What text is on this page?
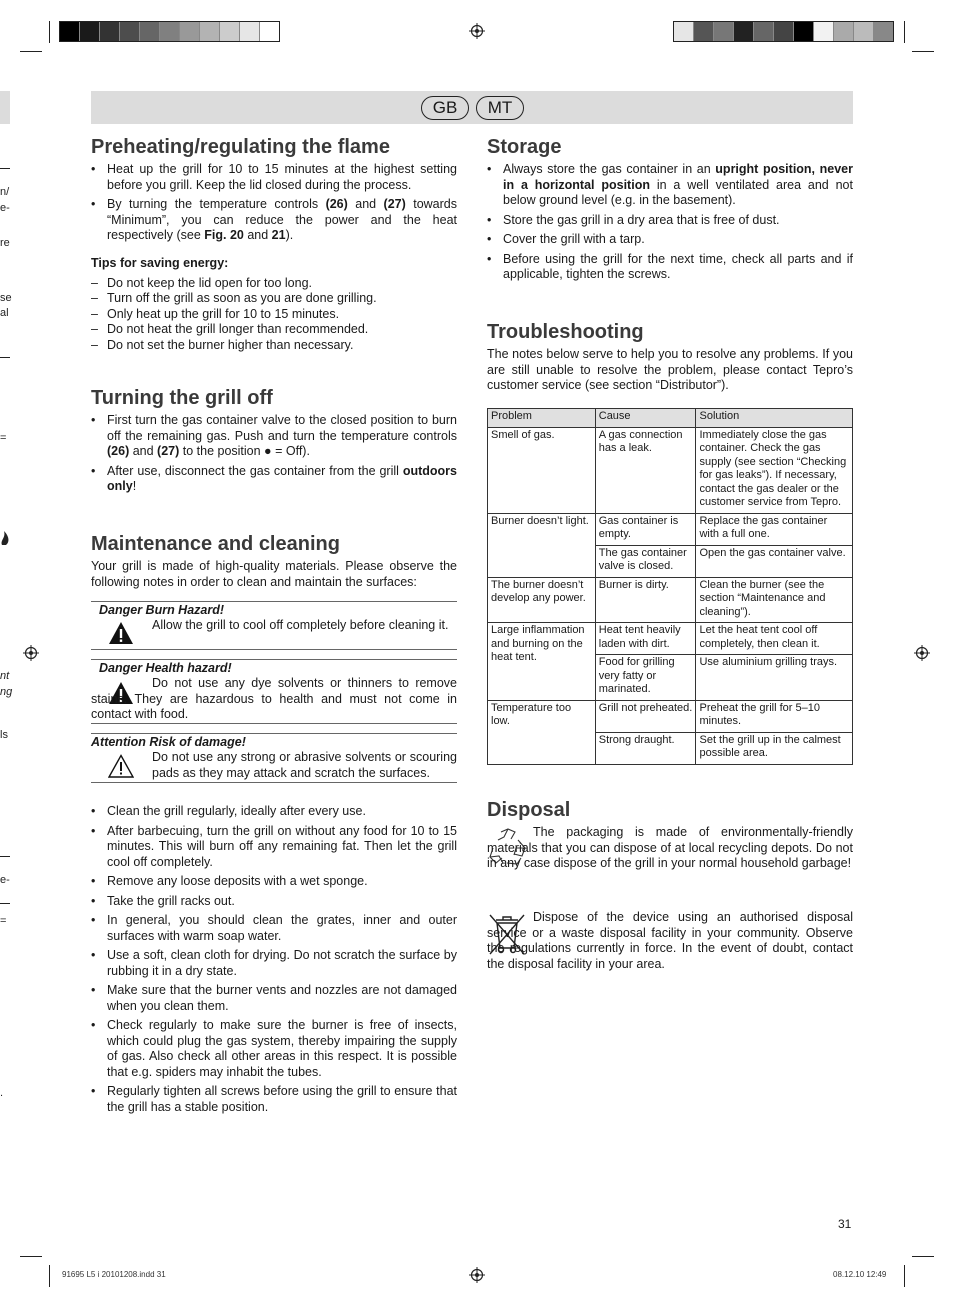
n/
e-
re
se
al
=
nt
ng
ls
e-
=
.
GB	MT
Preheating/regulating the flame
• Heat up the grill for 10 to 15 minutes at the highest setting before you grill. Keep the lid closed during the process.
• By turning the temperature controls (26) and (27) towards “Minimum”, you can reduce the power and the heat respectively (see Fig. 20 and 21).
Tips for saving energy:
– Do not keep the lid open for too long.
– Turn off the grill as soon as you are done grilling.
– Only heat up the grill for 10 to 15 minutes.
– Do not heat the grill longer than recommended.
– Do not set the burner higher than necessary.
Turning the grill off
• First turn the gas container valve to the closed position to burn off the remaining gas. Push and turn the temperature controls (26) and (27) to the position ● = Off).
• After use, disconnect the gas container from the grill outdoors only!
Maintenance and cleaning
Your grill is made of high-quality materials. Please observe the following notes in order to clean and maintain the surfaces:
Danger Burn Hazard!
Allow the grill to cool off completely before cleaning it.
Danger Health hazard!
Do not use any dye solvents or thinners to remove stains. They are hazardous to health and must not come in contact with food.
Attention Risk of damage!
Do not use any strong or abrasive solvents or scouring pads as they may attack and scratch the surfaces.
• Clean the grill regularly, ideally after every use.
• After barbecuing, turn the grill on without any food for 10 to 15 minutes. This will burn off any remaining fat. Then let the grill cool off completely.
• Remove any loose deposits with a wet sponge.
• Take the grill racks out.
• In general, you should clean the grates, inner and outer surfaces with warm soap water.
• Use a soft, clean cloth for drying. Do not scratch the surface by rubbing it in a dry state.
• Make sure that the burner vents and nozzles are not damaged when you clean them.
• Check regularly to make sure the burner is free of insects, which could plug the gas system, thereby impairing the supply of gas. Also check all other areas in this respect. It is possible that e.g. spiders may inhabit the tubes.
• Regularly tighten all screws before using the grill to ensure that the grill has a stable position.
Storage
• Always store the gas container in an upright position, never in a horizontal position in a well ventilated area and not below ground level (e.g. in the basement).
• Store the gas grill in a dry area that is free of dust.
• Cover the grill with a tarp.
• Before using the grill for the next time, check all parts and if applicable, tighten the screws.
Troubleshooting
The notes below serve to help you to resolve any problems. If you are still unable to resolve the problem, please contact Tepro’s customer service (see section “Distributor”).
Problem	Cause	Solution
Smell of gas.	A gas connection has a leak.	Immediately close the gas container. Check the gas supply (see section “Checking for gas leaks”). If necessary, contact the gas dealer or the customer service from Tepro.
Burner doesn’t light.	Gas container is empty.	Replace the gas container with a full one.
	The gas container valve is closed.	Open the gas container valve.
The burner doesn’t develop any power.	Burner is dirty.	Clean the burner (see the section “Maintenance and cleaning”).
Large inflammation and burning on the heat tent.	Heat tent heavily laden with dirt.	Let the heat tent cool off completely, then clean it.
	Food for grilling very fatty or marinated.	Use aluminium grilling trays.
Temperature too low.	Grill not preheated.	Preheat the grill for 5–10 minutes.
	Strong draught.	Set the grill up in the calmest possible area.
Disposal
The packaging is made of environmentally-friendly materials that you can dispose of at local recycling depots. Do not in any case dispose of the grill in your normal household garbage!
Dispose of the device using an authorised disposal service or a waste disposal facility in your community. Observe the regulations currently in force. In the event of doubt, contact the disposal facility in your area.
31
91695 L5 i 20101208.indd 31	08.12.10 12:49
